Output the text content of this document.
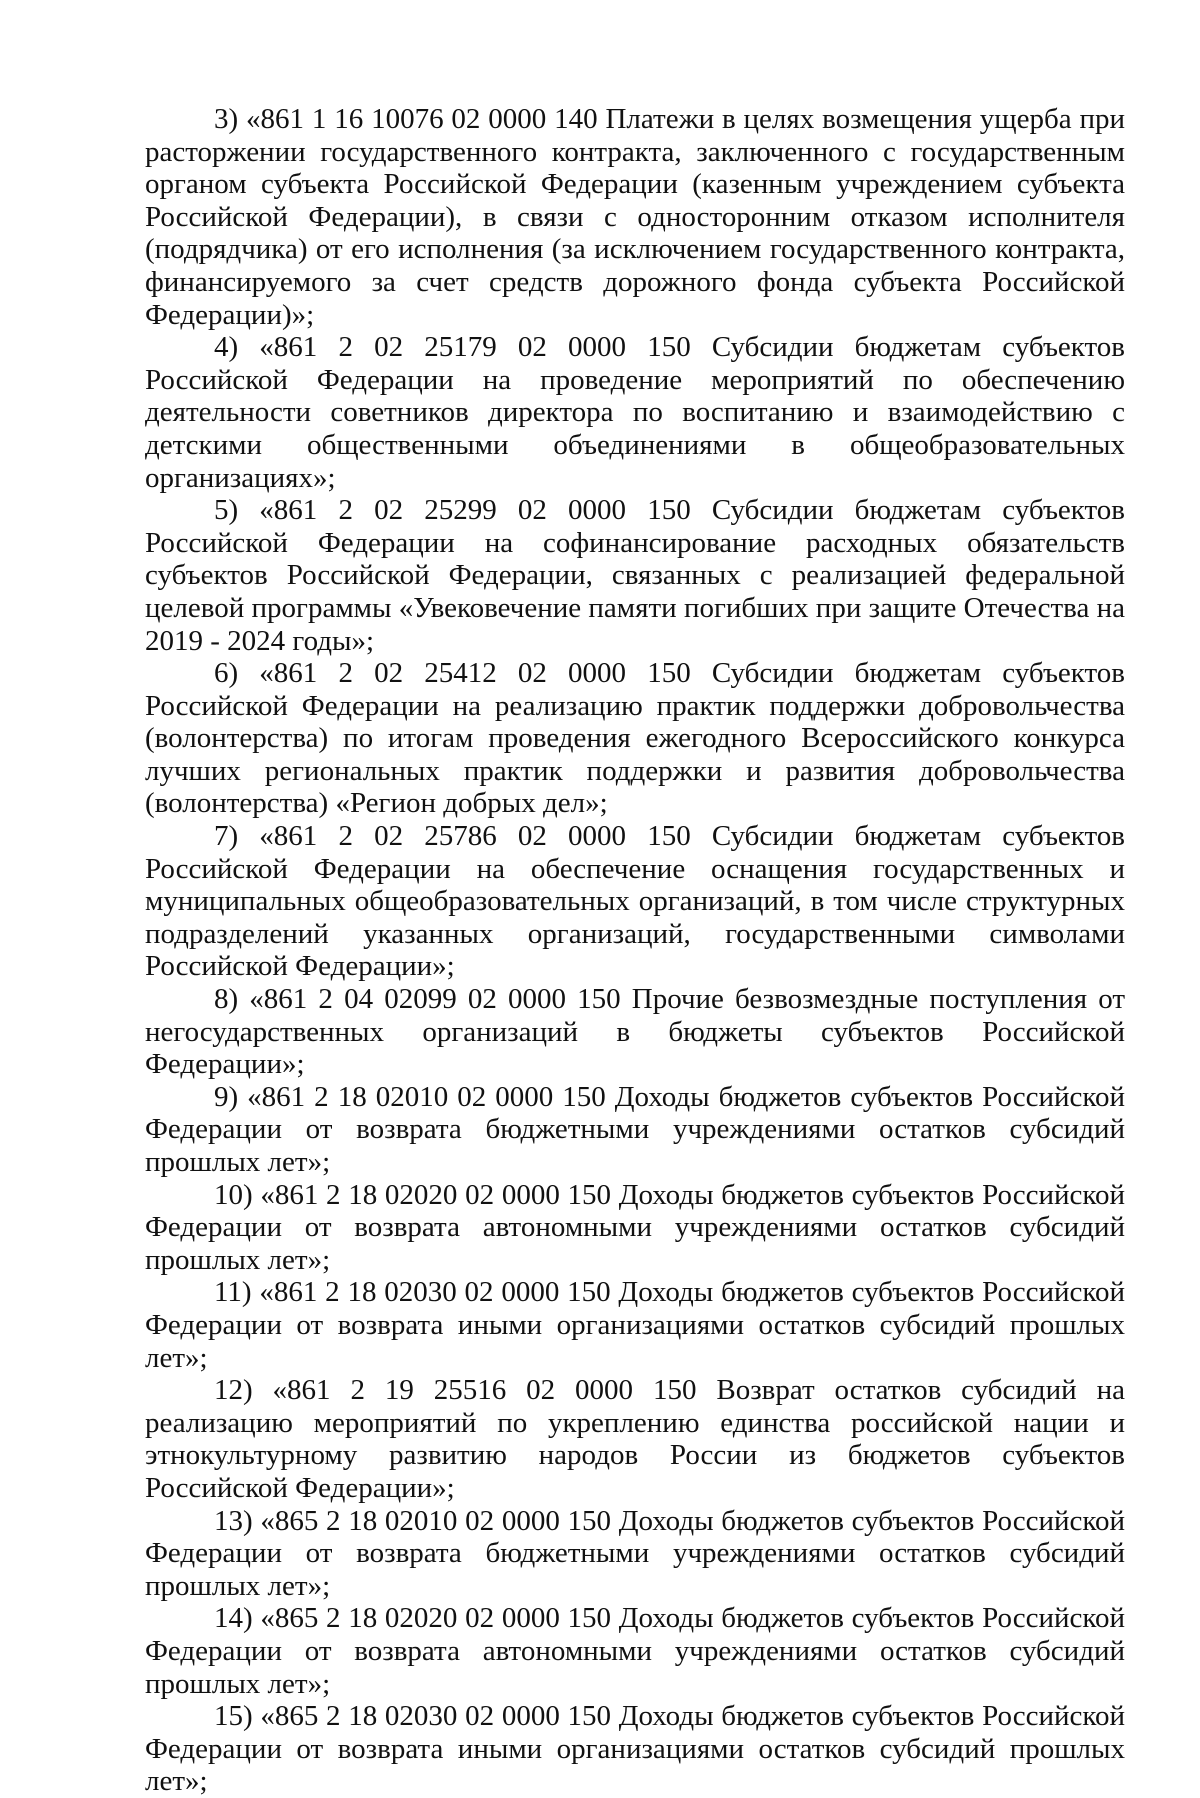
3) «861 1 16 10076 02 0000 140 Платежи в целях возмещения ущерба при расторжении государственного контракта, заключенного с государственным органом субъекта Российской Федерации (казенным учреждением субъекта Российской Федерации), в связи с односторонним отказом исполнителя (подрядчика) от его исполнения (за исключением государственного контракта, финансируемого за счет средств дорожного фонда субъекта Российской Федерации)»;

4) «861 2 02 25179 02 0000 150 Субсидии бюджетам субъектов Российской Федерации на проведение мероприятий по обеспечению деятельности советников директора по воспитанию и взаимодействию с детскими общественными объединениями в общеобразовательных организациях»;

5) «861 2 02 25299 02 0000 150 Субсидии бюджетам субъектов Российской Федерации на софинансирование расходных обязательств субъектов Российской Федерации, связанных с реализацией федеральной целевой программы «Увековечение памяти погибших при защите Отечества на 2019 - 2024 годы»;

6) «861 2 02 25412 02 0000 150 Субсидии бюджетам субъектов Российской Федерации на реализацию практик поддержки добровольчества (волонтерства) по итогам проведения ежегодного Всероссийского конкурса лучших региональных практик поддержки и развития добровольчества (волонтерства) «Регион добрых дел»;

7) «861 2 02 25786 02 0000 150 Субсидии бюджетам субъектов Российской Федерации на обеспечение оснащения государственных и муниципальных общеобразовательных организаций, в том числе структурных подразделений указанных организаций, государственными символами Российской Федерации»;

8) «861 2 04 02099 02 0000 150 Прочие безвозмездные поступления от негосударственных организаций в бюджеты субъектов Российской Федерации»;

9) «861 2 18 02010 02 0000 150 Доходы бюджетов субъектов Российской Федерации от возврата бюджетными учреждениями остатков субсидий прошлых лет»;

10) «861 2 18 02020 02 0000 150 Доходы бюджетов субъектов Российской Федерации от возврата автономными учреждениями остатков субсидий прошлых лет»;

11) «861 2 18 02030 02 0000 150 Доходы бюджетов субъектов Российской Федерации от возврата иными организациями остатков субсидий прошлых лет»;

12) «861 2 19 25516 02 0000 150 Возврат остатков субсидий на реализацию мероприятий по укреплению единства российской нации и этнокультурному развитию народов России из бюджетов субъектов Российской Федерации»;

13) «865 2 18 02010 02 0000 150 Доходы бюджетов субъектов Российской Федерации от возврата бюджетными учреждениями остатков субсидий прошлых лет»;

14) «865 2 18 02020 02 0000 150 Доходы бюджетов субъектов Российской Федерации от возврата автономными учреждениями остатков субсидий прошлых лет»;

15) «865 2 18 02030 02 0000 150 Доходы бюджетов субъектов Российской Федерации от возврата иными организациями остатков субсидий прошлых лет»;
